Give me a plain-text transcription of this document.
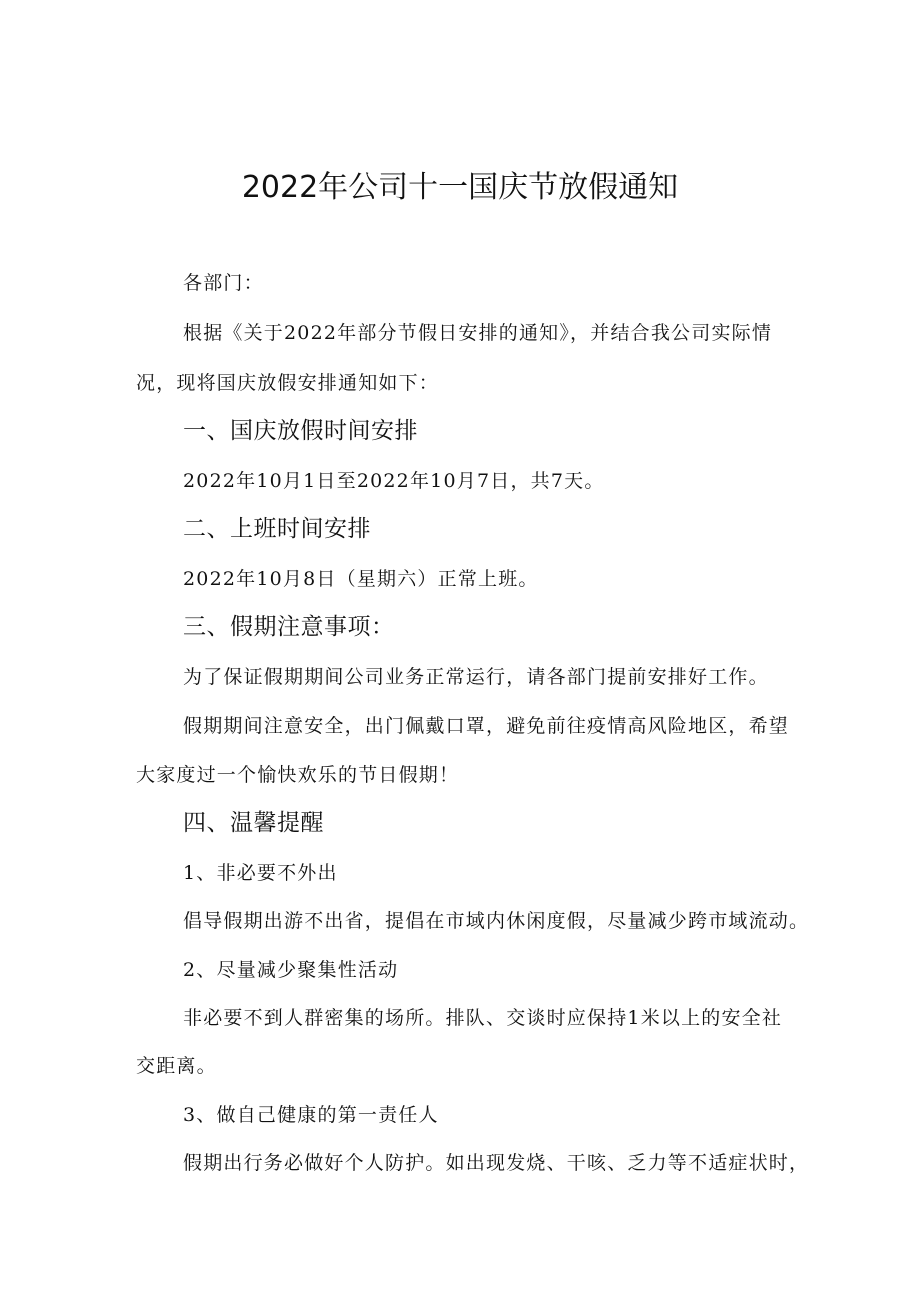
2022年公司十一国庆节放假通知
各部门：
根据《关于2022年部分节假日安排的通知》，并结合我公司实际情
况，现将国庆放假安排通知如下：
一、国庆放假时间安排
2022年10月1日至2022年10月7日，共7天。
二、上班时间安排
2022年10月8日（星期六）正常上班。
三、假期注意事项：
为了保证假期期间公司业务正常运行，请各部门提前安排好工作。
假期期间注意安全，出门佩戴口罩，避免前往疫情高风险地区，希望
大家度过一个愉快欢乐的节日假期！
四、温馨提醒
1、非必要不外出
倡导假期出游不出省，提倡在市域内休闲度假，尽量减少跨市域流动。
2、尽量减少聚集性活动
非必要不到人群密集的场所。排队、交谈时应保持1米以上的安全社
交距离。
3、做自己健康的第一责任人
假期出行务必做好个人防护。如出现发烧、干咳、乏力等不适症状时，
